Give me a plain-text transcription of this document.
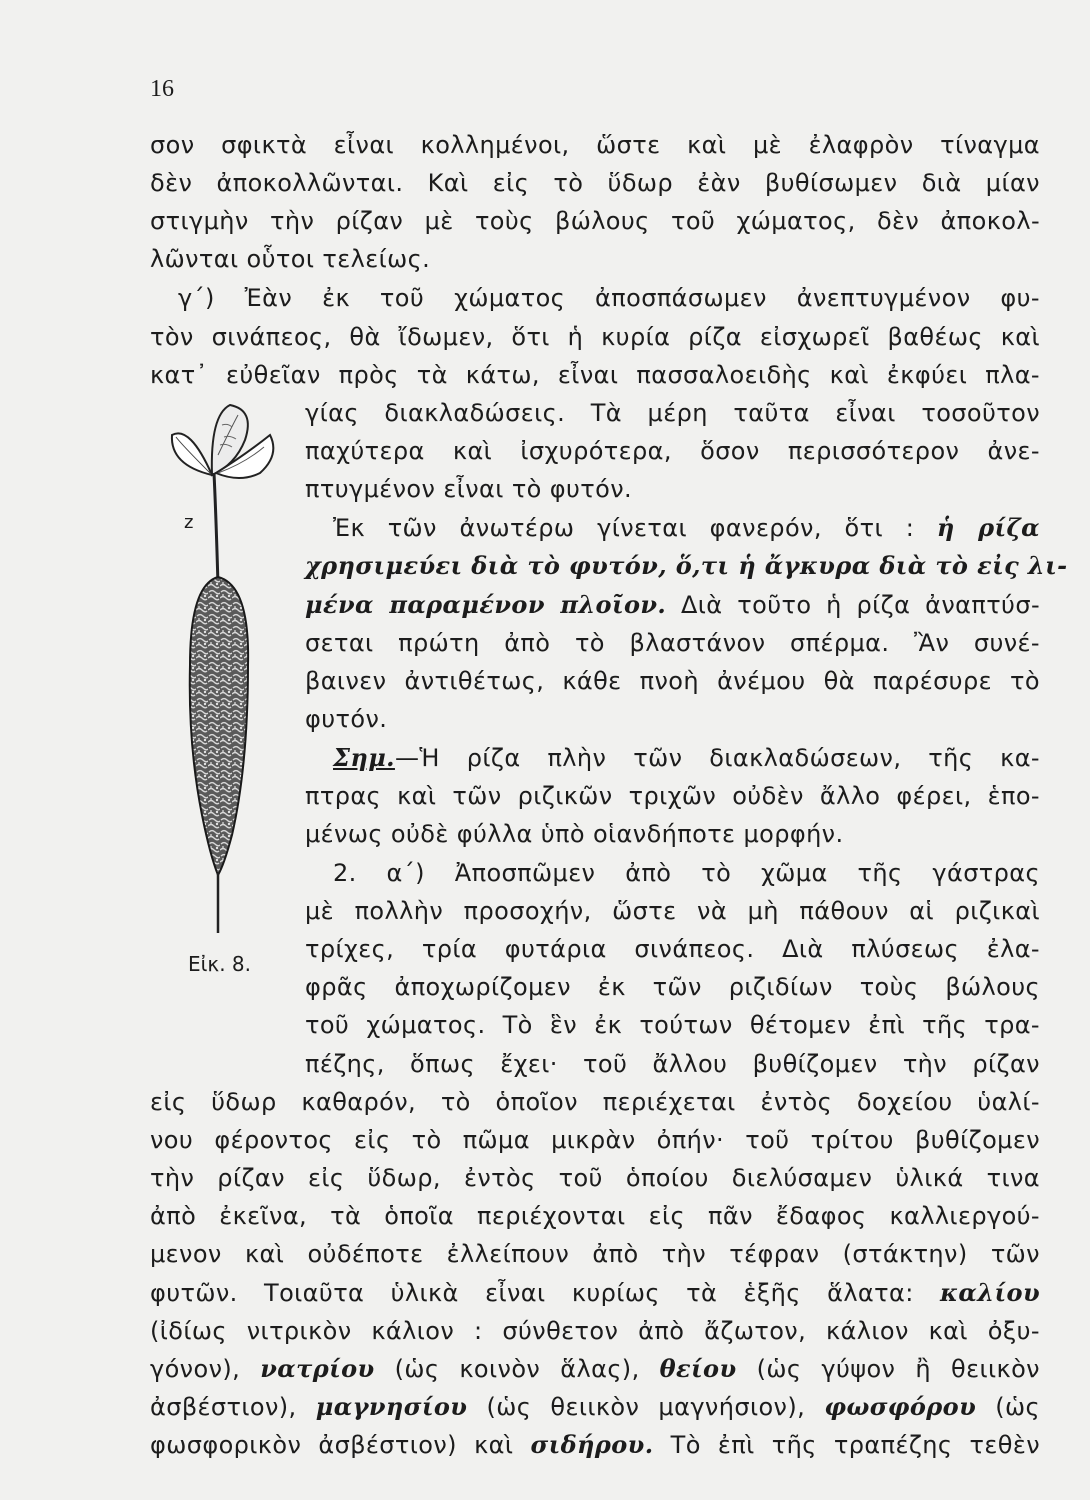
16
σον σφικτὰ εἶναι κολλημένοι, ὥστε καὶ μὲ ἐλαφρὸν τίναγμα
δὲν ἀποκολλῶνται. Καὶ εἰς τὸ ὕδωρ ἐὰν βυθίσωμεν διὰ μίαν
στιγμὴν τὴν ρίζαν μὲ τοὺς βώλους τοῦ χώματος, δὲν ἀποκολ-
λῶνται οὗτοι τελείως.
γ΄) Ἐὰν ἐκ τοῦ χώματος ἀποσπάσωμεν ἀνεπτυγμένον φυ-
τὸν σινάπεος, θὰ ἴδωμεν, ὅτι ἡ κυρία ρίζα εἰσχωρεῖ βαθέως καὶ
κατ᾿ εὐθεῖαν πρὸς τὰ κάτω, εἶναι πασσαλοειδὴς καὶ ἐκφύει πλα-
γίας διακλαδώσεις. Τὰ μέρη ταῦτα εἶναι τοσοῦτον
παχύτερα καὶ ἰσχυρότερα, ὅσον περισσότερον ἀνε-
πτυγμένον εἶναι τὸ φυτόν.
Ἐκ τῶν ἀνωτέρω γίνεται φανερόν, ὅτι : ἡ ρίζα
χρησιμεύει διὰ τὸ φυτόν, ὅ,τι ἡ ἄγκυρα διὰ τὸ εἰς λι-
μένα παραμένον πλοῖον. Διὰ τοῦτο ἡ ρίζα ἀναπτύσ-
σεται πρώτη ἀπὸ τὸ βλαστάνον σπέρμα. Ἂν συνέ-
βαινεν ἀντιθέτως, κάθε πνοὴ ἀνέμου θὰ παρέσυρε τὸ
φυτόν.
Σημ.—Ἡ ρίζα πλὴν τῶν διακλαδώσεων, τῆς κα-
πτρας καὶ τῶν ριζικῶν τριχῶν οὐδὲν ἄλλο φέρει, ἑπο-
μένως οὐδὲ φύλλα ὑπὸ οἱανδήποτε μορφήν.
2. α΄) Ἀποσπῶμεν ἀπὸ τὸ χῶμα τῆς γάστρας
μὲ πολλὴν προσοχήν, ὥστε νὰ μὴ πάθουν αἱ ριζικαὶ
τρίχες, τρία φυτάρια σινάπεος. Διὰ πλύσεως ἐλα-
φρᾶς ἀποχωρίζομεν ἐκ τῶν ριζιδίων τοὺς βώλους
τοῦ χώματος. Τὸ ἓν ἐκ τούτων θέτομεν ἐπὶ τῆς τρα-
πέζης, ὅπως ἔχει· τοῦ ἄλλου βυθίζομεν τὴν ρίζαν
εἰς ὕδωρ καθαρόν, τὸ ὁποῖον περιέχεται ἐντὸς δοχείου ὑαλί-
νου φέροντος εἰς τὸ πῶμα μικρὰν ὀπήν· τοῦ τρίτου βυθίζομεν
τὴν ρίζαν εἰς ὕδωρ, ἐντὸς τοῦ ὁποίου διελύσαμεν ὑλικά τινα
ἀπὸ ἐκεῖνα, τὰ ὁποῖα περιέχονται εἰς πᾶν ἔδαφος καλλιεργού-
μενον καὶ οὐδέποτε ἐλλείπουν ἀπὸ τὴν τέφραν (στάκτην) τῶν
φυτῶν. Τοιαῦτα ὑλικὰ εἶναι κυρίως τὰ ἑξῆς ἅλατα: καλίου
(ἰδίως νιτρικὸν κάλιον : σύνθετον ἀπὸ ἄζωτον, κάλιον καὶ ὀξυ-
γόνον), νατρίου (ὡς κοινὸν ἅλας), θείου (ὡς γύψον ἢ θειικὸν
ἀσβέστιον), μαγνησίου (ὡς θειικὸν μαγνήσιον), φωσφόρου (ὡς
φωσφορικὸν ἀσβέστιον) καὶ σιδήρου. Τὸ ἐπὶ τῆς τραπέζης τεθὲν
z
Εἰκ. 8.
